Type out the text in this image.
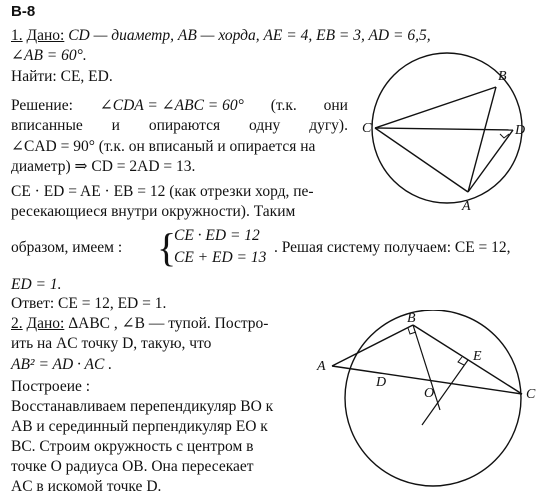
В-8
1. Дано: CD — диаметр, AB — хорда, AE = 4, EB = 3, AD = 6,5,
∠AB = 60°.
Найти: CE, ED.
Решение: ∠CDA = ∠ABC = 60° (т.к. они
вписанные и опираются одну дугу).
∠CAD = 90° (т.к. он вписаный и опирается на
диаметр) ⇒ CD = 2AD = 13.
CE · ED = AE · EB = 12 (как отрезки хорд, пе-
ресекающиеся внутри окружности). Таким
образом, имеем : {
CE · ED = 12
CE + ED = 13
. Решая систему получаем: CE = 12,
ED = 1.
Ответ: CE = 12, ED = 1.
2. Дано: ΔABC , ∠B — тупой. Постро-
ить на AC точку D, такую, что
AB² = AD · AC .
Построеие :
Восстанавливаем перепендикуляр BO к
AB и серединный перпендикуляр EO к
BC. Строим окружность с центром в
точке O радиуса OB. Она пересекает
AC в искомой точке D.
B
C	D
A
B
A
D
O
E
C
